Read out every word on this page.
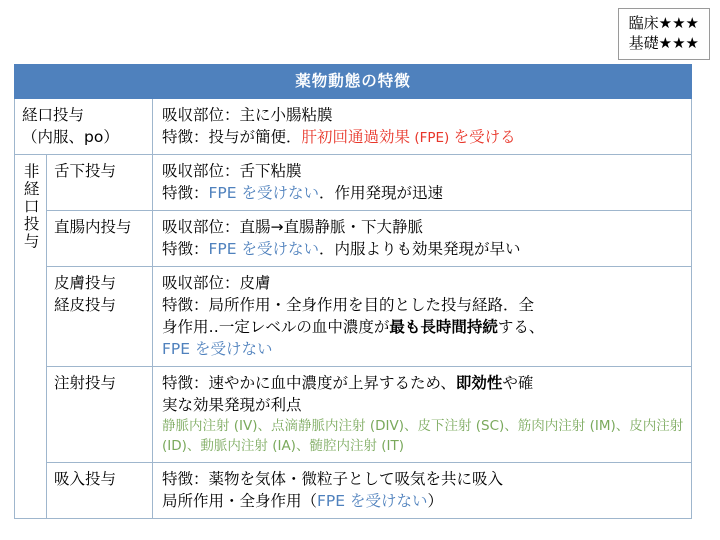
臨床★★★
基礎★★★
薬物動態の特徴		

経口投与
（内服、po）		吸収部位：主に小腸粘膜
特徴：投与が簡便．肝初回通過効果 (FPE) を受ける

非経口投与	舌下投与	吸収部位：舌下粘膜
特徴：FPE を受けない．作用発現が迅速

	直腸内投与	吸収部位：直腸→直腸静脈・下大静脈
特徴：FPE を受けない．内服よりも効果発現が早い

	皮膚投与
経皮投与	吸収部位：皮膚
特徴：局所作用・全身作用を目的とした投与経路．全
身作用‥一定レベルの血中濃度が最も長時間持続する、
FPE を受けない

	注射投与	特徴：速やかに血中濃度が上昇するため、即効性や確
実な効果発現が利点
静脈内注射 (IV)、点滴静脈内注射 (DIV)、皮下注射 (SC)、筋肉内注射 (IM)、皮内注射 (ID)、動脈内注射 (IA)、髄腔内注射 (IT)

	吸入投与	特徴：薬物を気体・微粒子として吸気を共に吸入
局所作用・全身作用（FPE を受けない）
